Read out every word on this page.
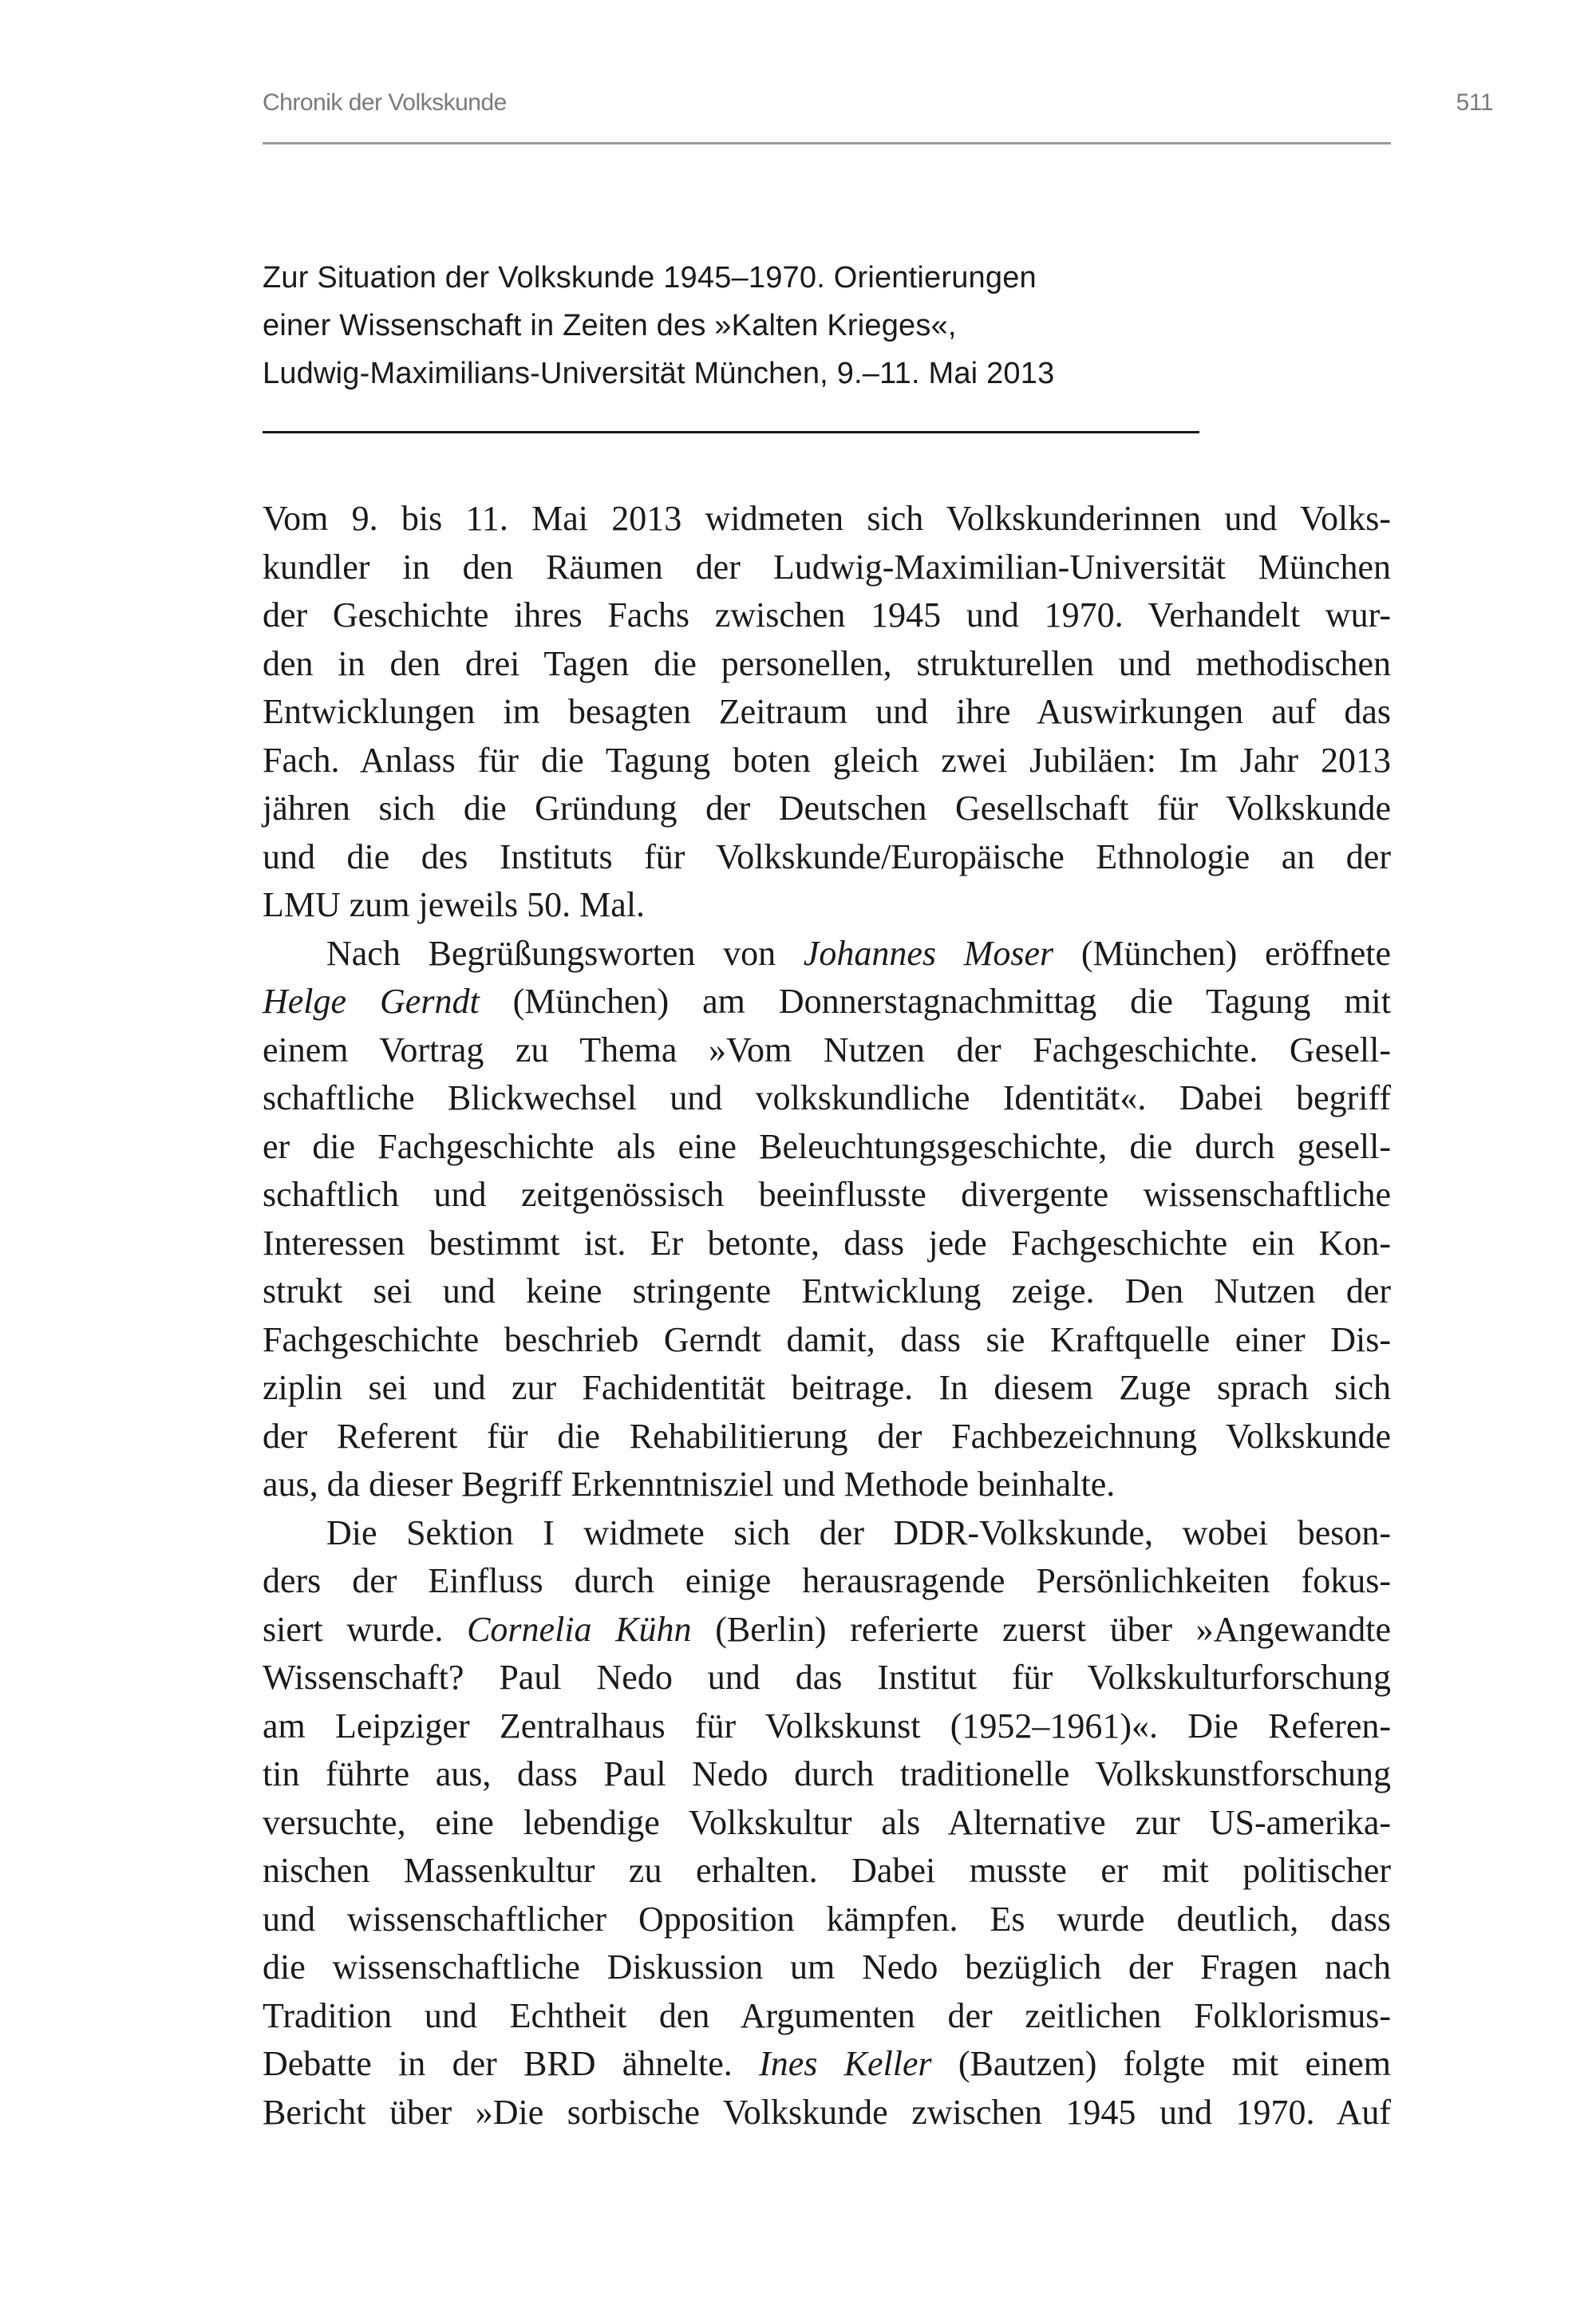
Chronik der Volkskunde	511
Zur Situation der Volkskunde 1945–1970. Orientierungen
einer Wissenschaft in Zeiten des »Kalten Krieges«,
Ludwig-Maximilians-Universität München, 9.–11. Mai 2013
Vom 9. bis 11. Mai 2013 widmeten sich Volkskunderinnen und Volks-
kundler in den Räumen der Ludwig-Maximilian-Universität München
der Geschichte ihres Fachs zwischen 1945 und 1970. Verhandelt wur-
den in den drei Tagen die personellen, strukturellen und methodischen
Entwicklungen im besagten Zeitraum und ihre Auswirkungen auf das
Fach. Anlass für die Tagung boten gleich zwei Jubiläen: Im Jahr 2013
jähren sich die Gründung der Deutschen Gesellschaft für Volkskunde
und die des Instituts für Volkskunde/Europäische Ethnologie an der
LMU zum jeweils 50. Mal.
Nach Begrüßungsworten von Johannes Moser (München) eröffnete
Helge Gerndt (München) am Donnerstagnachmittag die Tagung mit
einem Vortrag zu Thema »Vom Nutzen der Fachgeschichte. Gesell-
schaftliche Blickwechsel und volkskundliche Identität«. Dabei begriff
er die Fachgeschichte als eine Beleuchtungsgeschichte, die durch gesell-
schaftlich und zeitgenössisch beeinflusste divergente wissenschaftliche
Interessen bestimmt ist. Er betonte, dass jede Fachgeschichte ein Kon-
strukt sei und keine stringente Entwicklung zeige. Den Nutzen der
Fachgeschichte beschrieb Gerndt damit, dass sie Kraftquelle einer Dis-
ziplin sei und zur Fachidentität beitrage. In diesem Zuge sprach sich
der Referent für die Rehabilitierung der Fachbezeichnung Volkskunde
aus, da dieser Begriff Erkenntnisziel und Methode beinhalte.
Die Sektion I widmete sich der DDR-Volkskunde, wobei beson-
ders der Einfluss durch einige herausragende Persönlichkeiten fokus-
siert wurde. Cornelia Kühn (Berlin) referierte zuerst über »Angewandte
Wissenschaft? Paul Nedo und das Institut für Volkskulturforschung
am Leipziger Zentralhaus für Volkskunst (1952–1961)«. Die Referen-
tin führte aus, dass Paul Nedo durch traditionelle Volkskunstforschung
versuchte, eine lebendige Volkskultur als Alternative zur US-amerika-
nischen Massenkultur zu erhalten. Dabei musste er mit politischer
und wissenschaftlicher Opposition kämpfen. Es wurde deutlich, dass
die wissenschaftliche Diskussion um Nedo bezüglich der Fragen nach
Tradition und Echtheit den Argumenten der zeitlichen Folklorismus-
Debatte in der BRD ähnelte. Ines Keller (Bautzen) folgte mit einem
Bericht über »Die sorbische Volkskunde zwischen 1945 und 1970. Auf
